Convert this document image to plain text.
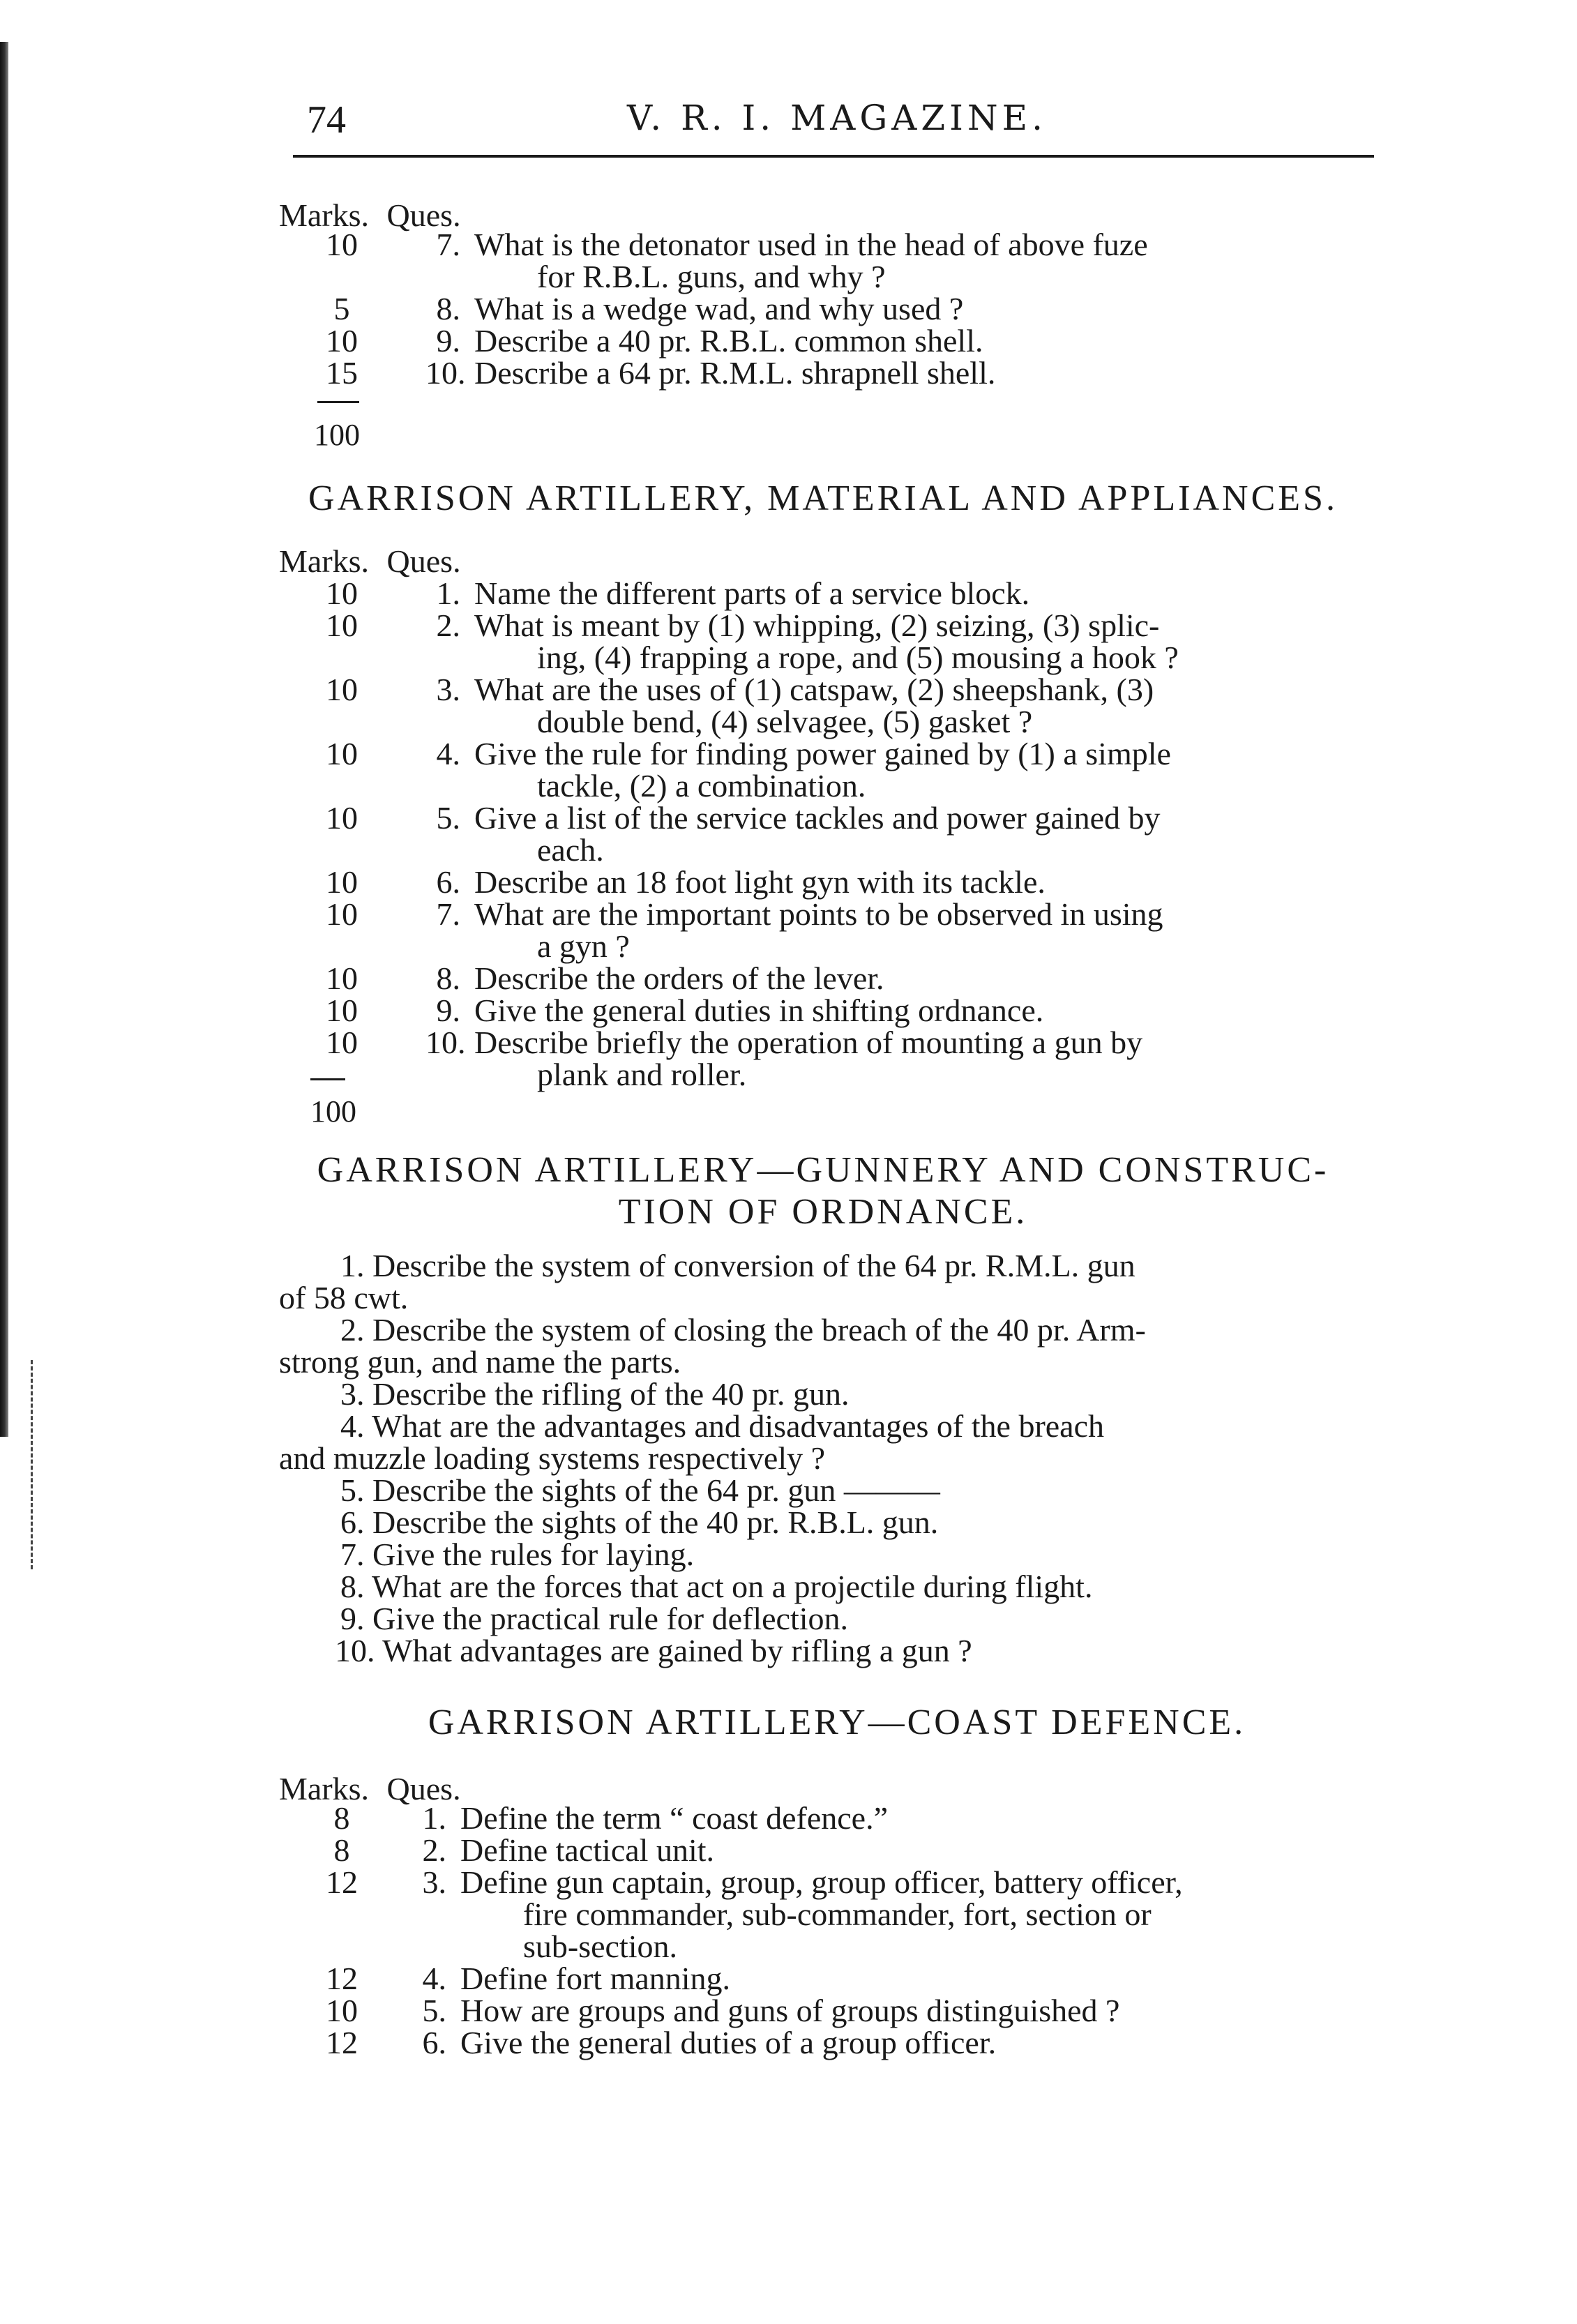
74	V. R. I. MAGAZINE.
Marks. Ques.
10	7. What is the detonator used in the head of above fuze
for R.B.L. guns, and why ?
5	8. What is a wedge wad, and why used ?
10	9. Describe a 40 pr. R.B.L. common shell.
15	10. Describe a 64 pr. R.M.L. shrapnell shell.
100
GARRISON ARTILLERY, MATERIAL AND APPLIANCES.
Marks. Ques.
10	1. Name the different parts of a service block.
10	2. What is meant by (1) whipping, (2) seizing, (3) splic-
ing, (4) frapping a rope, and (5) mousing a hook ?
10	3. What are the uses of (1) catspaw, (2) sheepshank, (3)
double bend, (4) selvagee, (5) gasket ?
10	4. Give the rule for finding power gained by (1) a simple
tackle, (2) a combination.
10	5. Give a list of the service tackles and power gained by
each.
10	6. Describe an 18 foot light gyn with its tackle.
10	7. What are the important points to be observed in using
a gyn ?
10	8. Describe the orders of the lever.
10	9. Give the general duties in shifting ordnance.
10	10. Describe briefly the operation of mounting a gun by
plank and roller.
100
GARRISON ARTILLERY—GUNNERY AND CONSTRUC-
TION OF ORDNANCE.
1. Describe the system of conversion of the 64 pr. R.M.L. gun
of 58 cwt.
2. Describe the system of closing the breach of the 40 pr. Arm-
strong gun, and name the parts.
3. Describe the rifling of the 40 pr. gun.
4. What are the advantages and disadvantages of the breach
and muzzle loading systems respectively ?
5. Describe the sights of the 64 pr. gun ———
6. Describe the sights of the 40 pr. R.B.L. gun.
7. Give the rules for laying.
8. What are the forces that act on a projectile during flight.
9. Give the practical rule for deflection.
10. What advantages are gained by rifling a gun ?
GARRISON ARTILLERY—COAST DEFENCE.
Marks. Ques.
8	1. Define the term “ coast defence.”
8	2. Define tactical unit.
12	3. Define gun captain, group, group officer, battery officer,
fire commander, sub-commander, fort, section or
sub-section.
12	4. Define fort manning.
10	5. How are groups and guns of groups distinguished ?
12	6. Give the general duties of a group officer.
